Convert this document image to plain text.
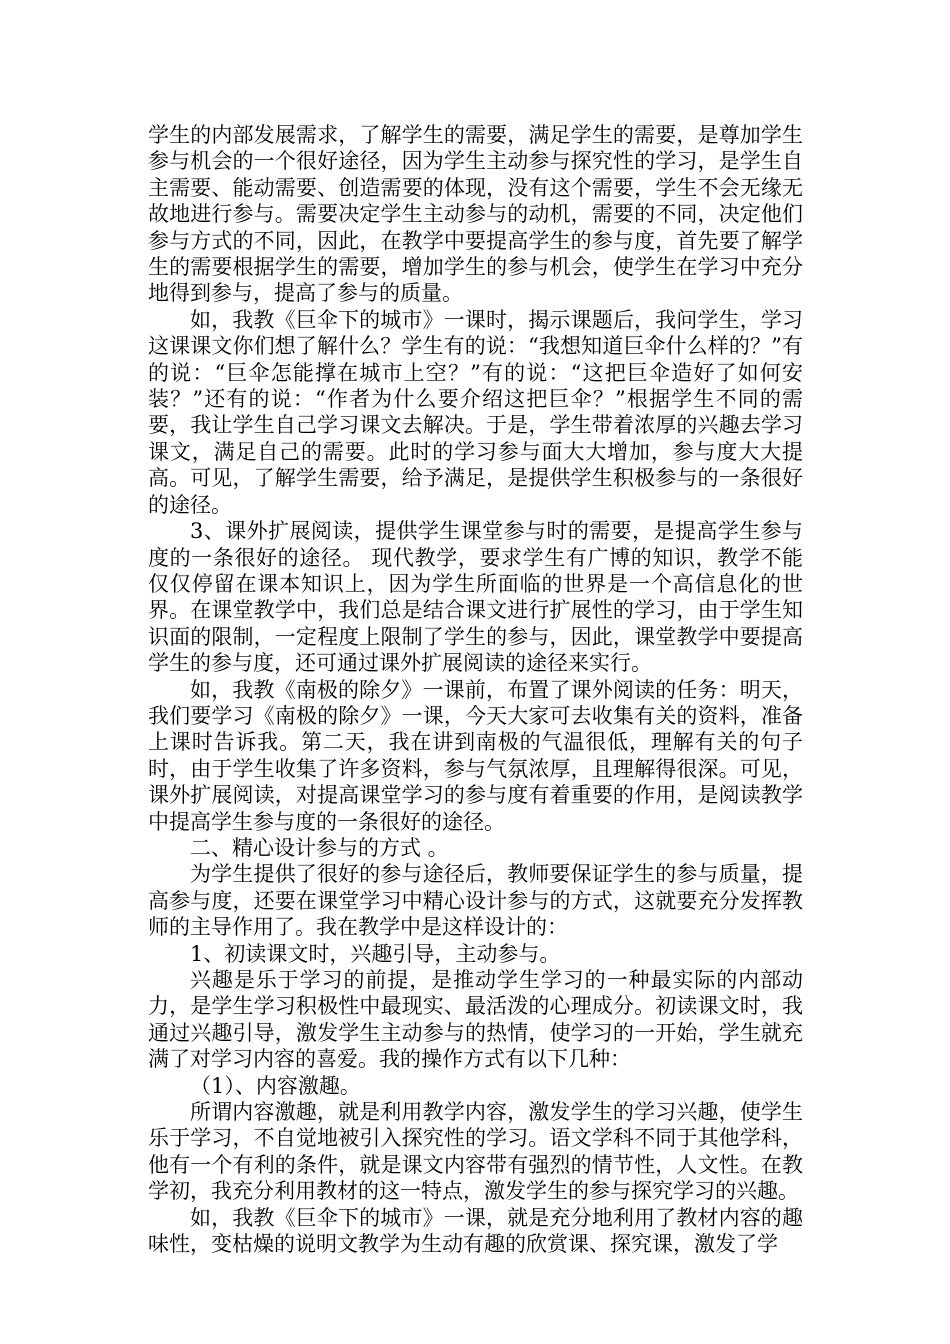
学生的内部发展需求，了解学生的需要，满足学生的需要，是尊加学生参与机会的一个很好途径，因为学生主动参与探究性的学习，是学生自主需要、能动需要、创造需要的体现，没有这个需要，学生不会无缘无故地进行参与。需要决定学生主动参与的动机，需要的不同，决定他们参与方式的不同，因此，在教学中要提高学生的参与度，首先要了解学生的需要根据学生的需要，增加学生的参与机会，使学生在学习中充分地得到参与，提高了参与的质量。

如，我教《巨伞下的城市》一课时，揭示课题后，我问学生，学习这课课文你们想了解什么？学生有的说：“我想知道巨伞什么样的？”有的说：“巨伞怎能撑在城市上空？”有的说：“这把巨伞造好了如何安装？”还有的说：“作者为什么要介绍这把巨伞？”根据学生不同的需要，我让学生自己学习课文去解决。于是，学生带着浓厚的兴趣去学习课文，满足自己的需要。此时的学习参与面大大增加，参与度大大提高。可见，了解学生需要，给予满足，是提供学生积极参与的一条很好的途径。

3、课外扩展阅读，提供学生课堂参与时的需要，是提高学生参与度的一条很好的途径。 现代教学，要求学生有广博的知识，教学不能仅仅停留在课本知识上，因为学生所面临的世界是一个高信息化的世界。在课堂教学中，我们总是结合课文进行扩展性的学习，由于学生知识面的限制，一定程度上限制了学生的参与，因此，课堂教学中要提高学生的参与度，还可通过课外扩展阅读的途径来实行。

如，我教《南极的除夕》一课前，布置了课外阅读的任务：明天，我们要学习《南极的除夕》一课，今天大家可去收集有关的资料，准备上课时告诉我。第二天，我在讲到南极的气温很低，理解有关的句子时，由于学生收集了许多资料，参与气氛浓厚，且理解得很深。可见，课外扩展阅读，对提高课堂学习的参与度有着重要的作用，是阅读教学中提高学生参与度的一条很好的途径。

二、精心设计参与的方式 。

为学生提供了很好的参与途径后，教师要保证学生的参与质量，提高参与度，还要在课堂学习中精心设计参与的方式，这就要充分发挥教师的主导作用了。我在教学中是这样设计的：

1、初读课文时，兴趣引导，主动参与。

兴趣是乐于学习的前提，是推动学生学习的一种最实际的内部动力，是学生学习积极性中最现实、最活泼的心理成分。初读课文时，我通过兴趣引导，激发学生主动参与的热情，使学习的一开始，学生就充满了对学习内容的喜爱。我的操作方式有以下几种：

（1）、内容激趣。

所谓内容激趣，就是利用教学内容，激发学生的学习兴趣，使学生乐于学习，不自觉地被引入探究性的学习。语文学科不同于其他学科，他有一个有利的条件，就是课文内容带有强烈的情节性，人文性。在教学初，我充分利用教材的这一特点，激发学生的参与探究学习的兴趣。

如，我教《巨伞下的城市》一课，就是充分地利用了教材内容的趣味性，变枯燥的说明文教学为生动有趣的欣赏课、探究课，激发了学
